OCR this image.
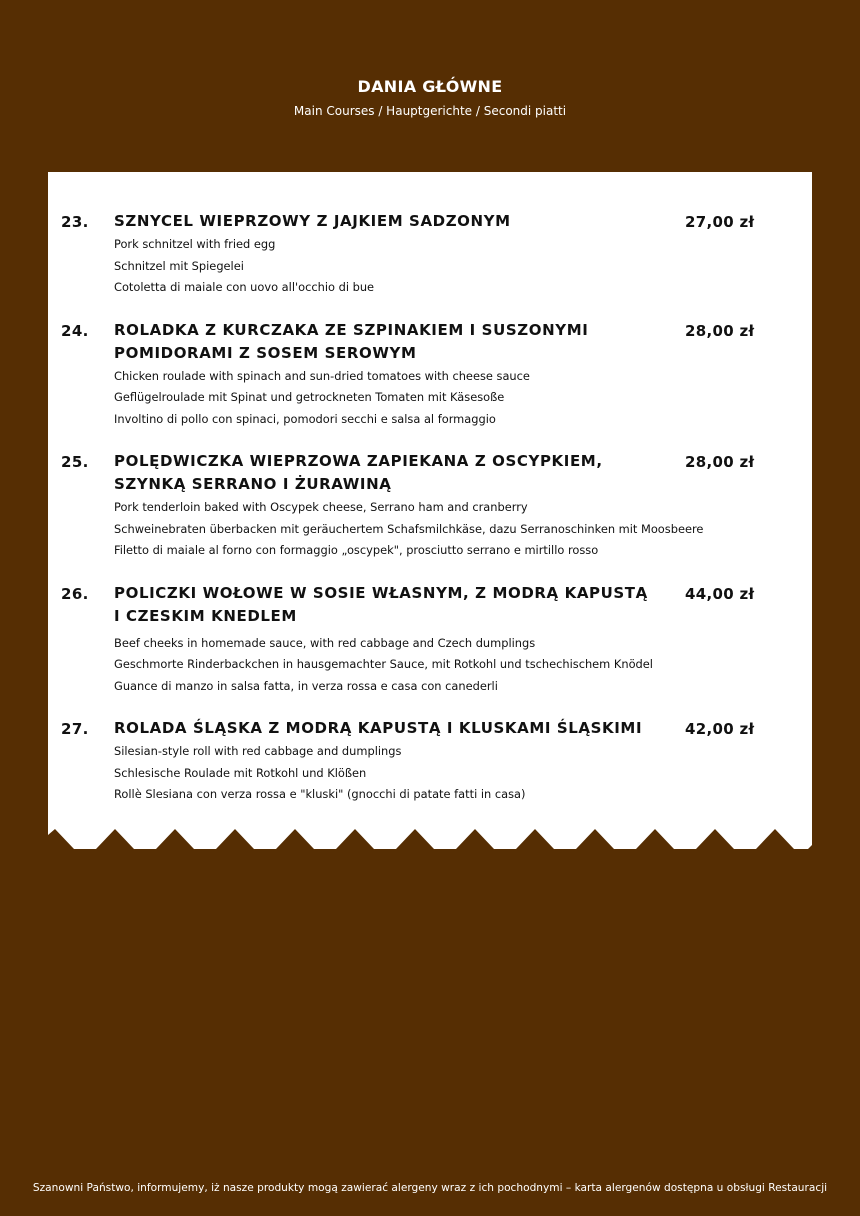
DANIA GŁÓWNE
Main Courses / Hauptgerichte / Secondi piatti
23. SZNYCEL WIEPRZOWY Z JAJKIEM SADZONYM	27,00 zł
Pork schnitzel with fried egg
Schnitzel mit Spiegelei
Cotoletta di maiale con uovo all'occhio di bue
24. ROLADKA Z KURCZAKA ZE SZPINAKIEM I SUSZONYMI POMIDORAMI Z SOSEM SEROWYM
28,00 zł
Chicken roulade with spinach and sun-dried tomatoes with cheese sauce
Geflügelroulade mit Spinat und getrockneten Tomaten mit Käsesoße
Involtino di pollo con spinaci, pomodori secchi e salsa al formaggio
25. POLĘDWICZKA WIEPRZOWA ZAPIEKANA Z OSCYPKIEM, SZYNKĄ SERRANO I ŻURAWINĄ
28,00 zł
Pork tenderloin baked with Oscypek cheese, Serrano ham and cranberry
Schweinebraten überbacken mit geräuchertem Schafsmilchkäse, dazu Serranoschinken mit Moosbeere
Filetto di maiale al forno con formaggio „oscypek", prosciutto serrano e mirtillo rosso
26. POLICZKI WOŁOWE W SOSIE WŁASNYM, Z MODRĄ KAPUSTĄ I CZESKIM KNEDLEM
44,00 zł
Beef cheeks in homemade sauce, with red cabbage and Czech dumplings
Geschmorte Rinderbackchen in hausgemachter Sauce, mit Rotkohl und tschechischem Knödel
Guance di manzo in salsa fatta, in verza rossa e casa con canederli
27. ROLADA ŚLĄSKA Z MODRĄ KAPUSTĄ I KLUSKAMI ŚLĄSKIMI	42,00 zł
Silesian-style roll with red cabbage and dumplings
Schlesische Roulade mit Rotkohl und Klößen
Rollè Slesiana con verza rossa e "kluski" (gnocchi di patate fatti in casa)
Szanowni Państwo, informujemy, iż nasze produkty mogą zawierać alergeny wraz z ich pochodnymi – karta alergenów dostępna u obsługi Restauracji
